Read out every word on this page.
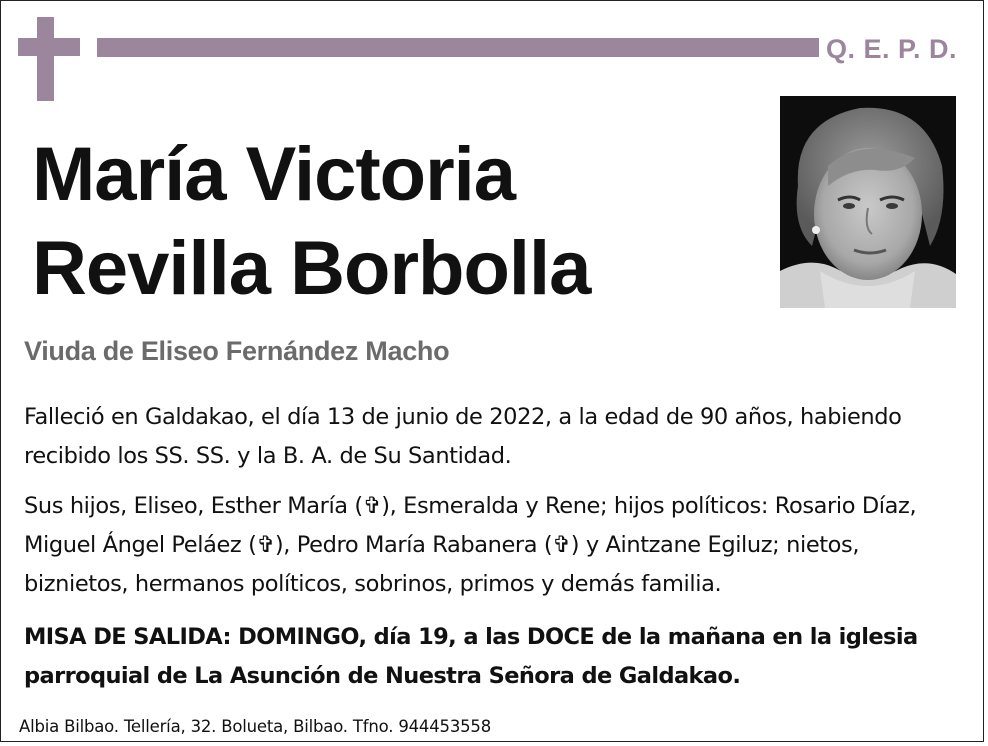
Q. E. P. D.
María Victoria
Revilla Borbolla

Viuda de Eliseo Fernández Macho

Falleció en Galdakao, el día 13 de junio de 2022, a la edad de 90 años, habiendo recibido los SS. SS. y la B. A. de Su Santidad.

Sus hijos, Eliseo, Esther María (✞), Esmeralda y Rene; hijos políticos: Rosario Díaz, Miguel Ángel Peláez (✞), Pedro María Rabanera (✞) y Aintzane Egiluz; nietos, biznietos, hermanos políticos, sobrinos, primos y demás familia.

MISA DE SALIDA: DOMINGO, día 19, a las DOCE de la mañana en la iglesia parroquial de La Asunción de Nuestra Señora de Galdakao.

Albia Bilbao. Tellería, 32. Bolueta, Bilbao. Tfno. 944453558
